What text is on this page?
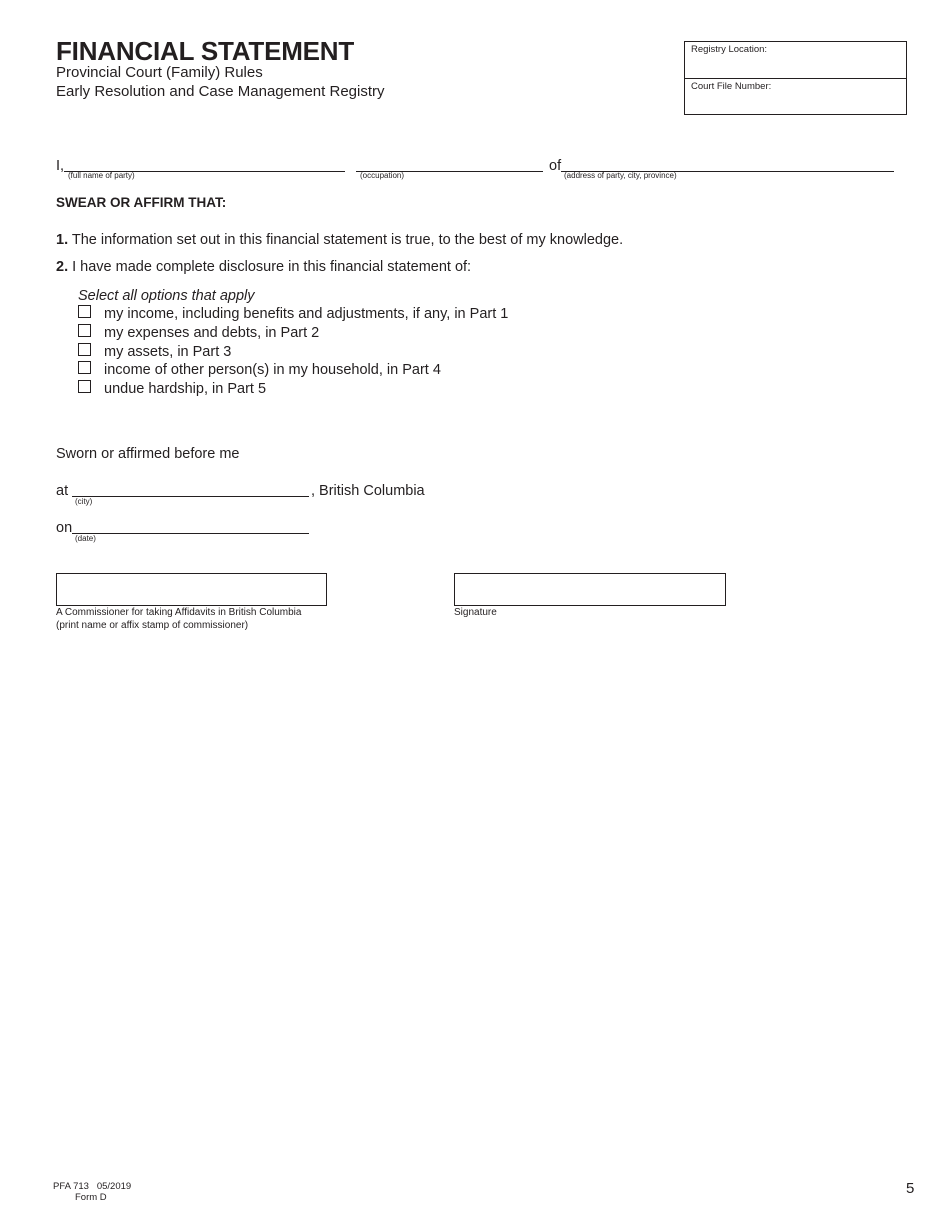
FINANCIAL STATEMENT
Provincial Court (Family) Rules
Early Resolution and Case Management Registry
Registry Location:
Court File Number:
I,
(full name of party)	(occupation)
of
(address of party, city, province)
SWEAR OR AFFIRM THAT:
1. The information set out in this financial statement is true, to the best of my knowledge.
2. I have made complete disclosure in this financial statement of:
Select all options that apply
my income, including benefits and adjustments, if any, in Part 1
my expenses and debts, in Part 2
my assets, in Part 3
income of other person(s) in my household, in Part 4
undue hardship, in Part 5
Sworn or affirmed before me
at	, British Columbia
(city)
on
(date)
A Commissioner for taking Affidavits in British Columbia
(print name or affix stamp of commissioner)
Signature
PFA 713   05/2019
Form D
5
